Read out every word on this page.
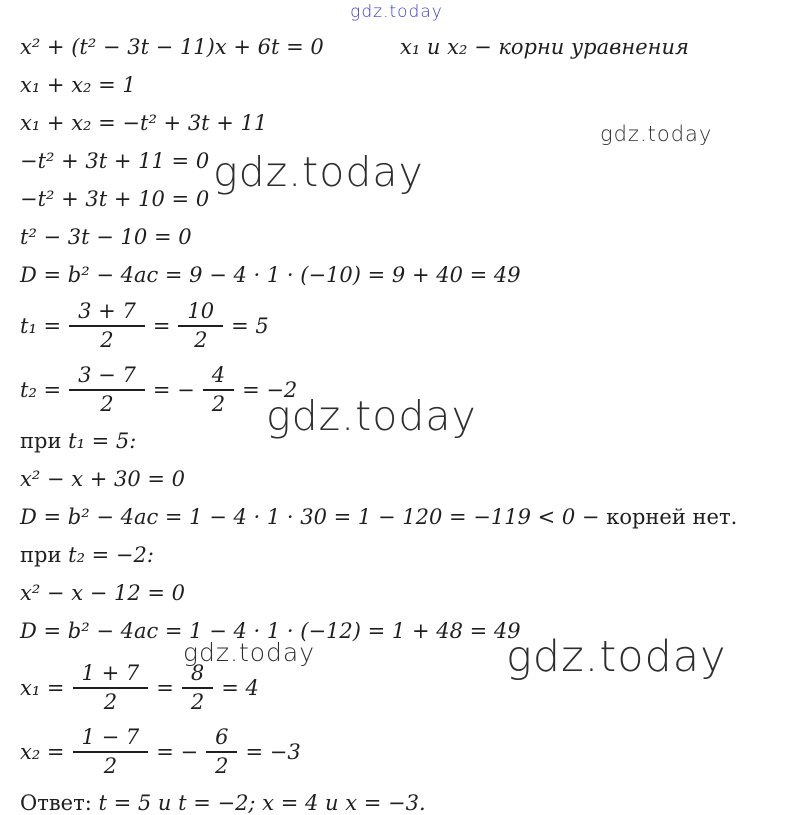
gdz.today
gdz.today
gdz.today
gdz.today
gdz.today	gdz.today
x² + (t² − 3t − 11)x + 6t = 0	x₁ и x₂ − корни уравнения
x₁ + x₂ = 1
x₁ + x₂ = −t² + 3t + 11
−t² + 3t + 11 = 0
−t² + 3t + 10 = 0
t² − 3t − 10 = 0
D = b² − 4ac = 9 − 4 · 1 · (−10) = 9 + 40 = 49
$t_1 = \frac{3 + 7}{2} = \frac{10}{2} = 5$
$t_2 = \frac{3 - 7}{2}$ = − $\frac{4}{2} = -2$
при t₁ = 5:
x² − x + 30 = 0
D = b² − 4ac = 1 − 4 · 1 · 30 = 1 − 120 = −119 < 0 − корней нет.
при t₂ = −2:
x² − x − 12 = 0
D = b² − 4ac = 1 − 4 · 1 · (−12) = 1 + 48 = 49
$x_1 = \frac{1 + 7}{2} = \frac{8}{2} = 4$
$x_2 = \frac{1 - 7}{2}$ = − $\frac{6}{2} = -3$
Ответ: t = 5 и t = −2; x = 4 и x = −3.
